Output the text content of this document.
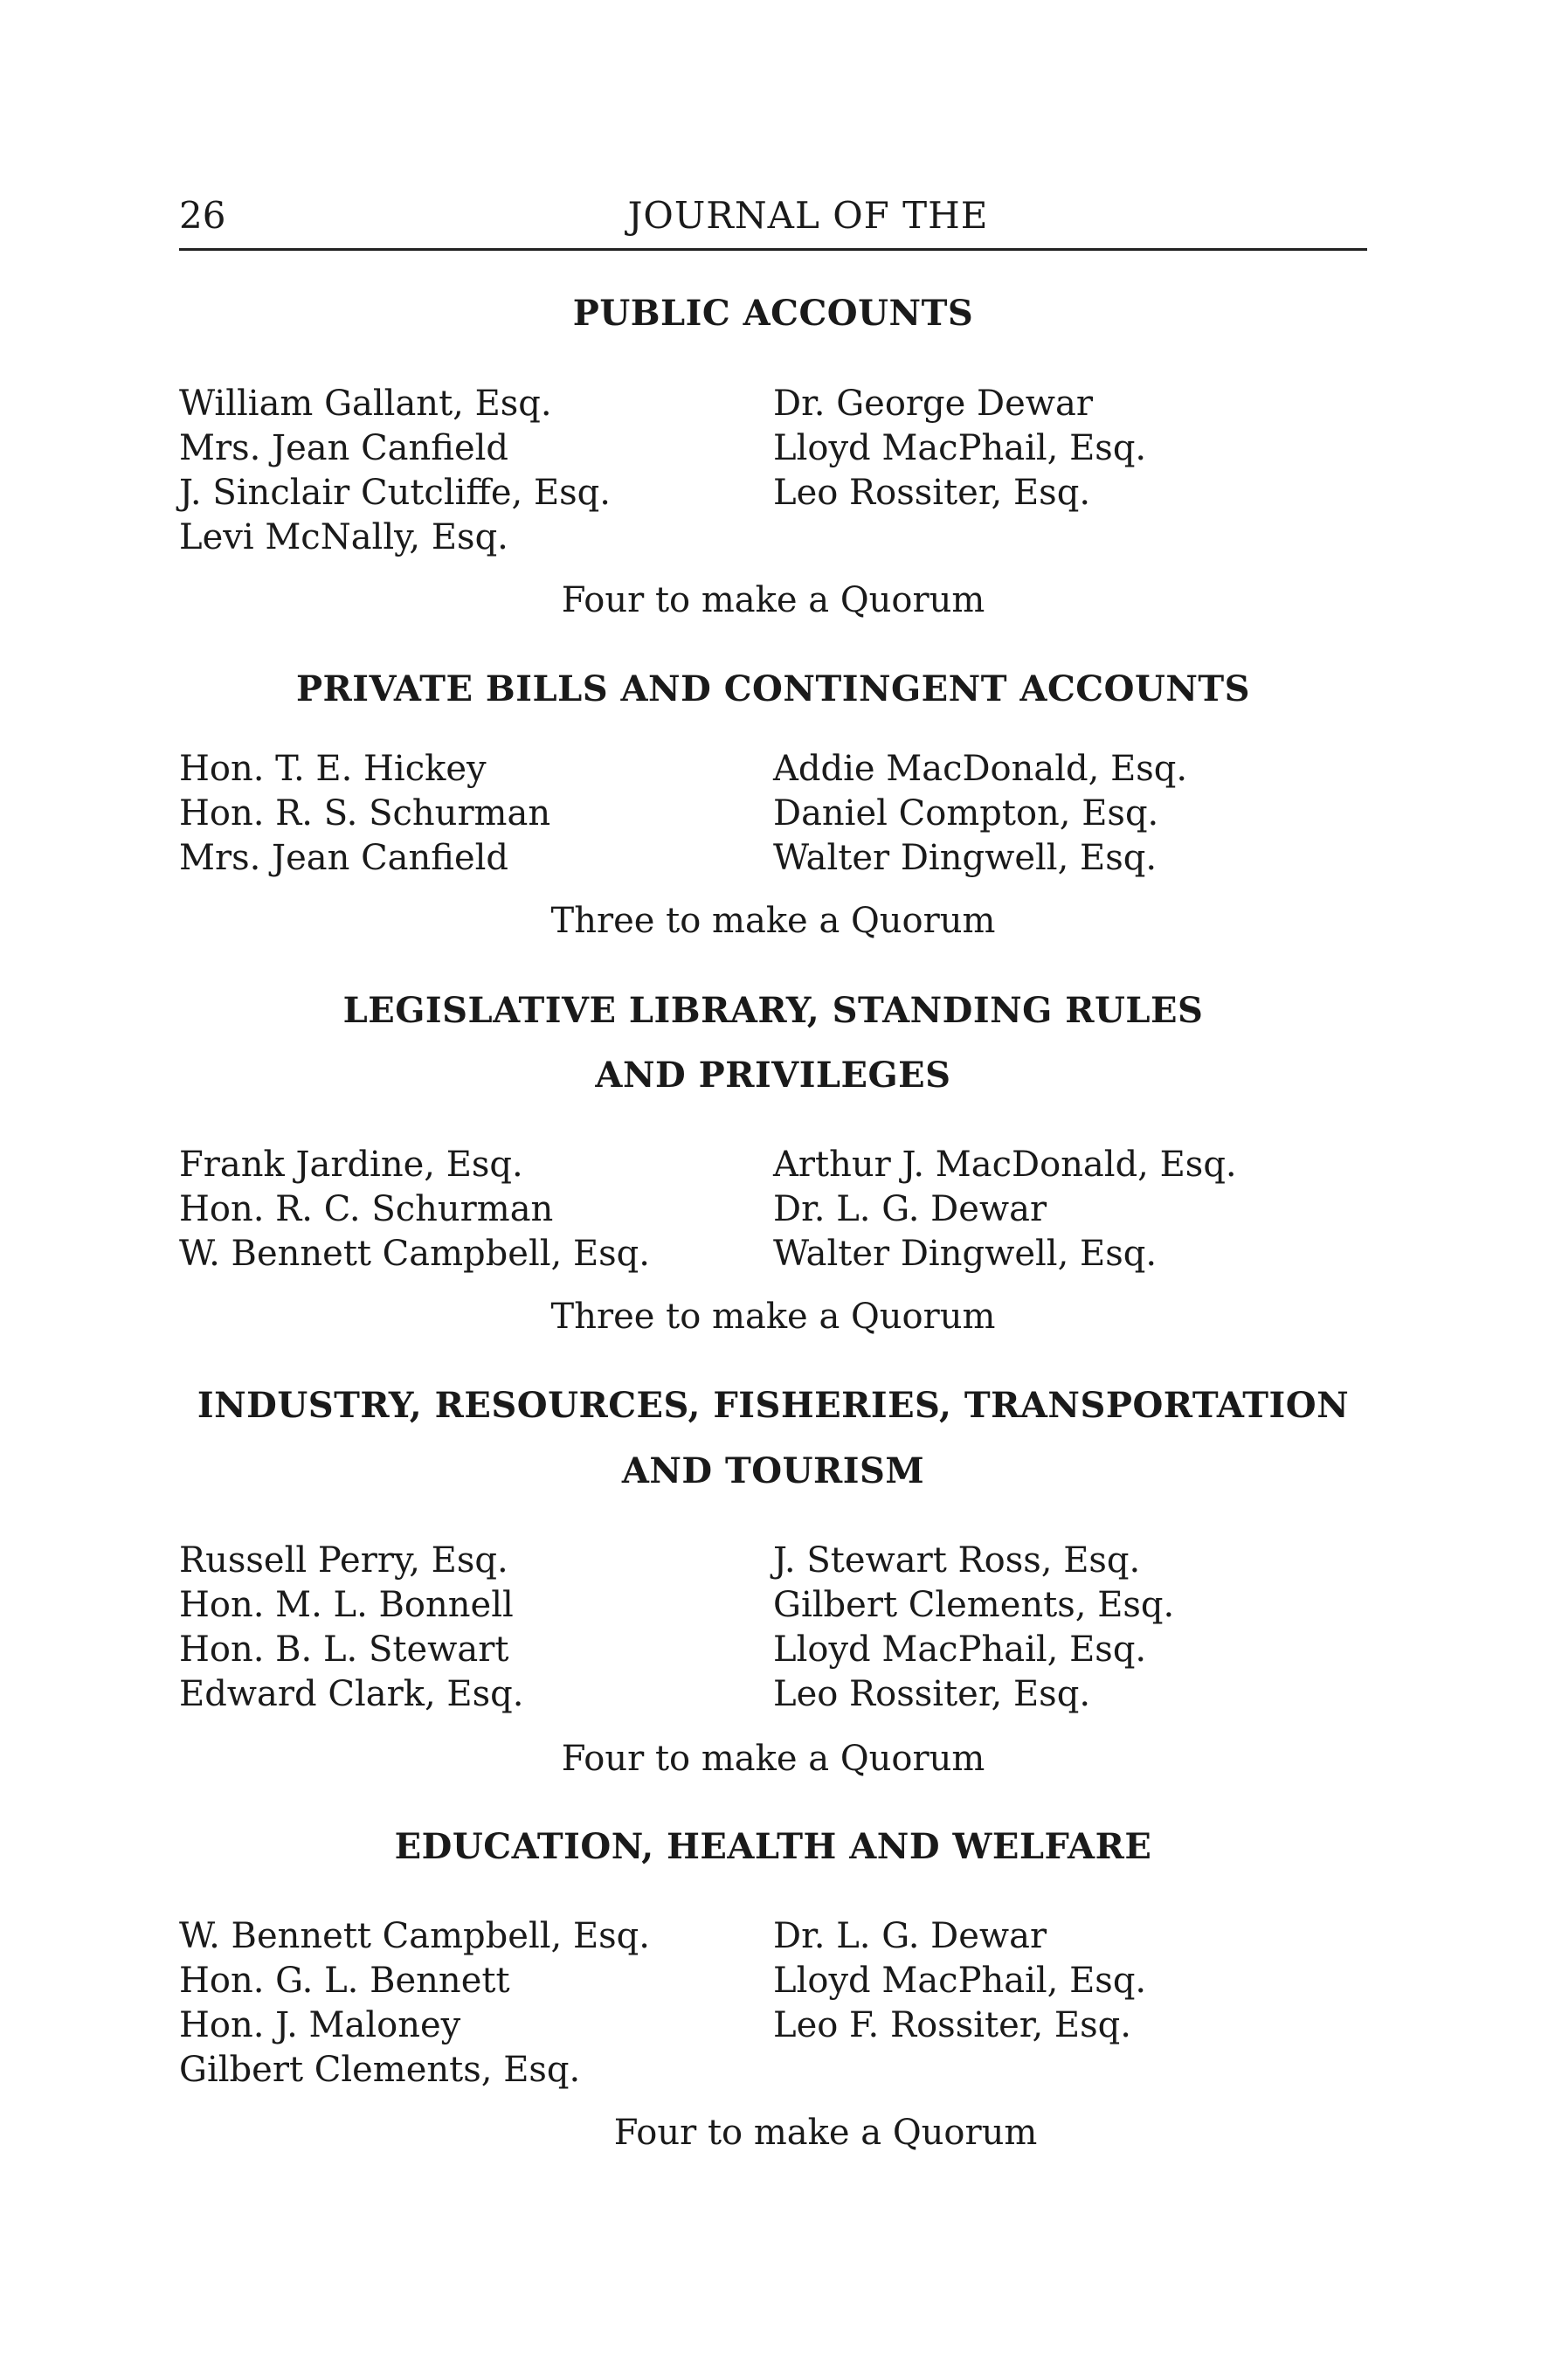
26	JOURNAL OF THE
PUBLIC ACCOUNTS
William Gallant, Esq.
Mrs. Jean Canfield
J. Sinclair Cutcliffe, Esq.
Levi McNally, Esq.
Dr. George Dewar
Lloyd MacPhail, Esq.
Leo Rossiter, Esq.
Four to make a Quorum
PRIVATE BILLS AND CONTINGENT ACCOUNTS
Hon. T. E. Hickey
Hon. R. S. Schurman
Mrs. Jean Canfield
Addie MacDonald, Esq.
Daniel Compton, Esq.
Walter Dingwell, Esq.
Three to make a Quorum
LEGISLATIVE LIBRARY, STANDING RULES
AND PRIVILEGES
Frank Jardine, Esq.
Hon. R. C. Schurman
W. Bennett Campbell, Esq.
Arthur J. MacDonald, Esq.
Dr. L. G. Dewar
Walter Dingwell, Esq.
Three to make a Quorum
INDUSTRY, RESOURCES, FISHERIES, TRANSPORTATION
AND TOURISM
Russell Perry, Esq.
Hon. M. L. Bonnell
Hon. B. L. Stewart
Edward Clark, Esq.
J. Stewart Ross, Esq.
Gilbert Clements, Esq.
Lloyd MacPhail, Esq.
Leo Rossiter, Esq.
Four to make a Quorum
EDUCATION, HEALTH AND WELFARE
W. Bennett Campbell, Esq.
Hon. G. L. Bennett
Hon. J. Maloney
Gilbert Clements, Esq.
Dr. L. G. Dewar
Lloyd MacPhail, Esq.
Leo F. Rossiter, Esq.
Four to make a Quorum
